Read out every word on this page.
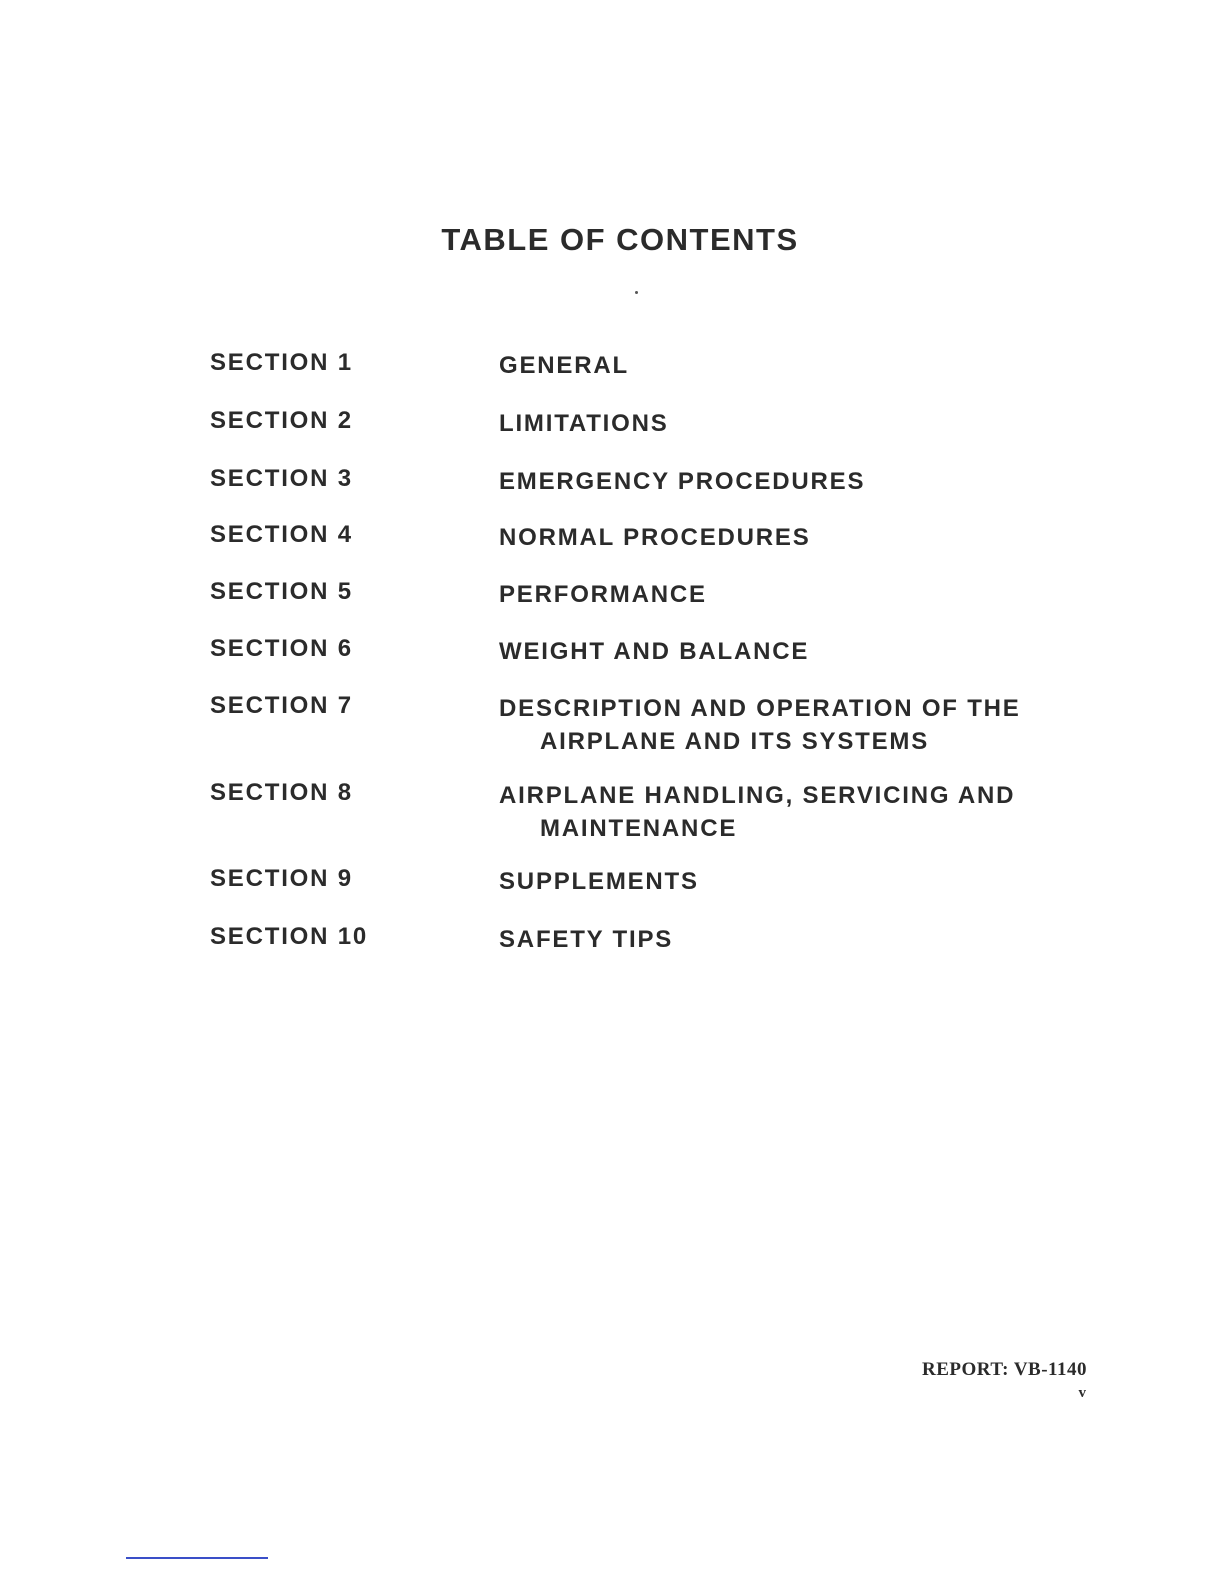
TABLE OF CONTENTS
SECTION 1	GENERAL
SECTION 2	LIMITATIONS
SECTION 3	EMERGENCY PROCEDURES
SECTION 4	NORMAL PROCEDURES
SECTION 5	PERFORMANCE
SECTION 6	WEIGHT AND BALANCE
SECTION 7	DESCRIPTION AND OPERATION OF THE
AIRPLANE AND ITS SYSTEMS
SECTION 8	AIRPLANE HANDLING, SERVICING AND
MAINTENANCE
SECTION 9	SUPPLEMENTS
SECTION 10	SAFETY TIPS
REPORT: VB-1140
v
